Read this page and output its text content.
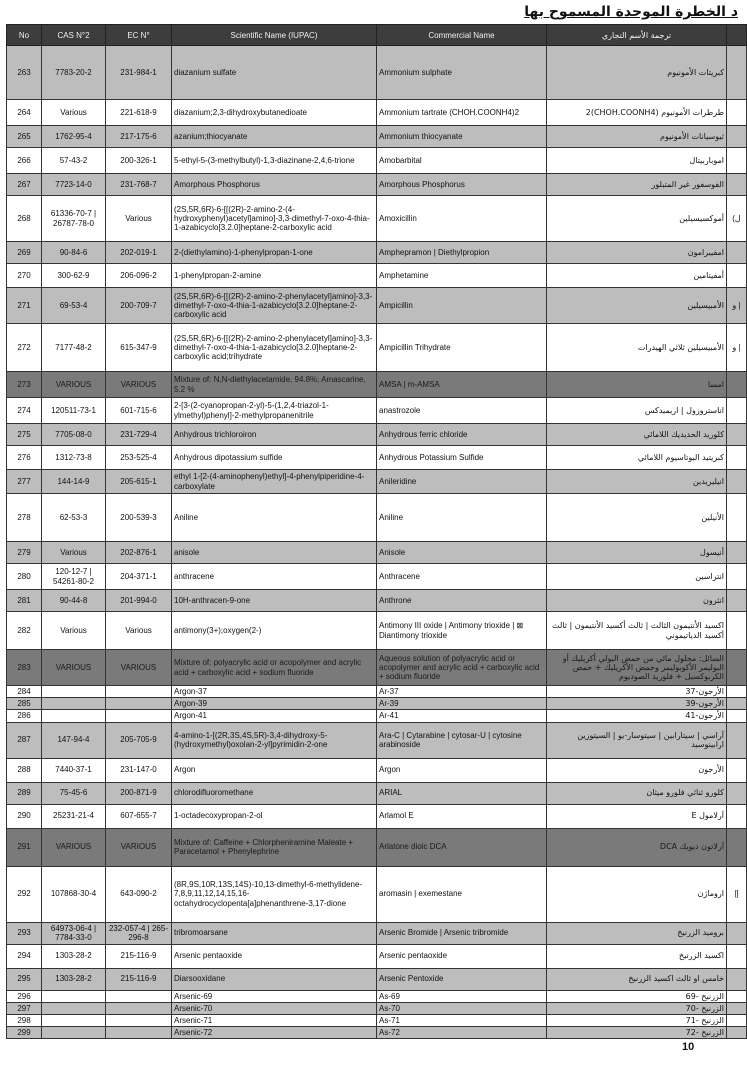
د الخطرة الموحدة المسموح بها
No	CAS N°2	EC N°	Scientific Name (IUPAC)	Commercial Name	ترجمة الأسم التجاري	
263	7783-20-2	231-984-1	diazanium sulfate	Ammonium sulphate	كبريتات الأمونيوم	
264	Various	221-618-9	diazanium;2,3-dihydroxybutanedioate	Ammonium tartrate (CHOH.COONH4)2	طرطرات الأمونيوم (CHOH.COONH4)2	
265	1762-95-4	217-175-6	azanium;thiocyanate	Ammonium thiocyanate	ثيوسيانات الأمونيوم	
266	57-43-2	200-326-1	5-ethyl-5-(3-methylbutyl)-1,3-diazinane-2,4,6-trione	Amobarbital	اموباربيتال	
267	7723-14-0	231-768-7	Amorphous Phosphorus	Amorphous Phosphorus	الفوسفور غير المتبلور	
268	61336-70-7 | 26787-78-0	Various	(2S,5R,6R)-6-[[(2R)-2-amino-2-(4-hydroxyphenyl)acetyl]amino]-3,3-dimethyl-7-oxo-4-thia-1-azabicyclo[3.2.0]heptane-2-carboxylic acid	Amoxicillin	أموكسيسيلين	(ل
269	90-84-6	202-019-1	2-(diethylamino)-1-phenylpropan-1-one	Amphepramon | Diethylpropion	امفيبرامون	
270	300-62-9	206-096-2	1-phenylpropan-2-amine	Amphetamine	أمفيتامين	
271	69-53-4	200-709-7	(2S,5R,6R)-6-[[(2R)-2-amino-2-phenylacetyl]amino]-3,3-dimethyl-7-oxo-4-thia-1-azabicyclo[3.2.0]heptane-2-carboxylic acid	Ampicillin	الأمبيسيلين	و |
272	7177-48-2	615-347-9	(2S,5R,6R)-6-[[(2R)-2-amino-2-phenylacetyl]amino]-3,3-dimethyl-7-oxo-4-thia-1-azabicyclo[3.2.0]heptane-2-carboxylic acid;trihydrate	Ampicillin Trihydrate	الأمبيسيلين ثلاثي الهيدرات	و |
273	VARIOUS	VARIOUS	Mixture of: N,N-diethylacetamide, 94.8%; Amascarine, 5.2 %	AMSA | m-AMSA	امسا	
274	120511-73-1	601-715-6	2-[3-(2-cyanopropan-2-yl)-5-(1,2,4-triazol-1-ylmethyl)phenyl]-2-methylpropanenitrile	anastrozole	اناستروزول | اريميدكس	
275	7705-08-0	231-729-4	Anhydrous trichloroiron	Anhydrous ferric chloride	كلوريد الحديديك اللامائي	
276	1312-73-8	253-525-4	Anhydrous dipotassium sulfide	Anhydrous Potassium Sulfide	كبريتيد البوتاسيوم اللامائي	
277	144-14-9	205-615-1	ethyl 1-[2-(4-aminophenyl)ethyl]-4-phenylpiperidine-4-carboxylate	Anileridine	انيليريدين	
278	62-53-3	200-539-3	Aniline	Aniline	الأنيلين	
279	Various	202-876-1	anisole	Anisole	أنيسول	
280	120-12-7 | 54261-80-2	204-371-1	anthracene	Anthracene	انتراسين	
281	90-44-8	201-994-0	10H-anthracen-9-one	Anthrone	انثرون	
282	Various	Various	antimony(3+);oxygen(2-)	Antimony III oxide | Antimony trioxide | ⊠ Diantimony trioxide	اكسيد الأنتيمون الثالث | ثالث أكسيد الأنتيمون | ثالث أكسيد الدياتيموني	
283	VARIOUS	VARIOUS	Mixture of: polyacrylic acid or acopolymer and acrylic acid + carboxylic acid + sodium fluoride	Aqueous solution of polyacrylic acid or acopolymer and acrylic acid + carboxylic acid + sodium fluoride	السائل: محلول مائي من حمض البولي أكريليك أو البوليمر الأكوبوليمر وحمض الأكريليك + حمض الكربوكسيل + فلوريد الصوديوم	
284			Argon-37	Ar-37	الأرجون-37	
285			Argon-39	Ar-39	الأرجون-39	
286			Argon-41	Ar-41	الأرجون-41	
287	147-94-4	205-705-9	4-amino-1-[(2R,3S,4S,5R)-3,4-dihydroxy-5-(hydroxymethyl)oxolan-2-yl]pyrimidin-2-one	Ara-C | Cytarabine | cytosar-U | cytosine arabinoside	آراسي | سيتارابين | سيتوسار-يو | السيتوزين ارابينوسيد	
288	7440-37-1	231-147-0	Argon	Argon	الأرجون	
289	75-45-6	200-871-9	chlorodifluoromethane	ARIAL	كلورو ثنائي فلورو ميثان	
290	25231-21-4	607-655-7	1-octadecoxypropan-2-ol	Arlamol E	آرلامول E	
291	VARIOUS	VARIOUS	Mixture of: Caffeine + Chlorpheniramine Maleate + Paracetamol + Phenylephrine	Arlatone dioic DCA	آرلاتون ديويك DCA	
292	107868-30-4	643-090-2	(8R,9S,10R,13S,14S)-10,13-dimethyl-6-methylidene-7,8,9,11,12,14,15,16-octahydrocyclopenta[a]phenanthrene-3,17-dione	aromasin | exemestane	اروماژن	|]
293	64973-06-4 | 7784-33-0	232-057-4 | 265-296-8	tribromoarsane	Arsenic Bromide | Arsenic tribromide	بروميد الزرنيخ	
294	1303-28-2	215-116-9	Arsenic pentaoxide	Arsenic pentaoxide	اكسيد الزرنيخ	
295	1303-28-2	215-116-9	Diarsooxidane	Arsenic Pentoxide	خامس او ثالث اكسيد الزرنيخ	
296			Arsenic-69	As-69	الزرنيخ -69	
297			Arsenic-70	As-70	الزرنيخ -70	
298			Arsenic-71	As-71	الزرنيخ -71	
299			Arsenic-72	As-72	الزرنيخ -72	
10
